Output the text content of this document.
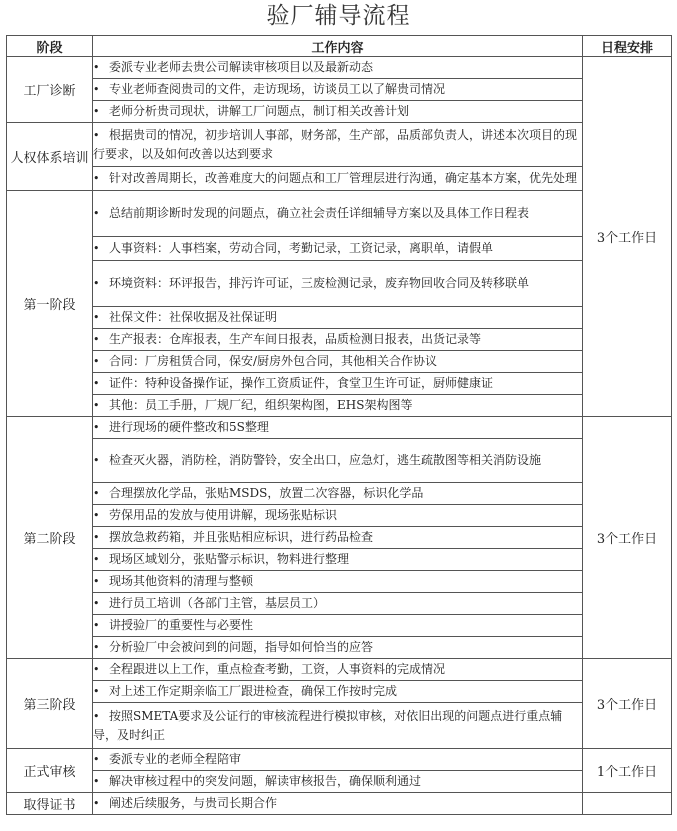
验厂辅导流程
阶段	工作内容	日程安排
工厂诊断	• 委派专业老师去贵公司解读审核项目以及最新动态	3个工作日
	• 专业老师查阅贵司的文件，走访现场，访谈员工以了解贵司情况	
	• 老师分析贵司现状，讲解工厂问题点，制订相关改善计划	
人权体系培训	• 根据贵司的情况，初步培训人事部，财务部，生产部，品质部负责人，讲述本次项目的现行要求，以及如何改善以达到要求	
	• 针对改善周期长，改善难度大的问题点和工厂管理层进行沟通，确定基本方案，优先处理	
第一阶段	• 总结前期诊断时发现的问题点，确立社会责任详细辅导方案以及具体工作日程表	
	• 人事资料：人事档案，劳动合同，考勤记录，工资记录，离职单，请假单	
	• 环境资料：环评报告，排污许可证，三废检测记录，废弃物回收合同及转移联单	
	• 社保文件：社保收据及社保证明	
	• 生产报表：仓库报表，生产车间日报表，品质检测日报表，出货记录等	
	• 合同：厂房租赁合同，保安/厨房外包合同，其他相关合作协议	
	• 证件：特种设备操作证，操作工资质证件，食堂卫生许可证，厨师健康证	
	• 其他：员工手册，厂规厂纪，组织架构图，EHS架构图等	
第二阶段	• 进行现场的硬件整改和5S整理	3个工作日
	• 检查灭火器，消防栓，消防警铃，安全出口，应急灯，逃生疏散图等相关消防设施	
	• 合理摆放化学品，张贴MSDS，放置二次容器，标识化学品	
	• 劳保用品的发放与使用讲解，现场张贴标识	
	• 摆放急救药箱，并且张贴相应标识，进行药品检查	
	• 现场区域划分，张贴警示标识，物料进行整理	
	• 现场其他资料的清理与整顿	
	• 进行员工培训（各部门主管，基层员工）	
	• 讲授验厂的重要性与必要性	
	• 分析验厂中会被问到的问题，指导如何恰当的应答	
第三阶段	• 全程跟进以上工作，重点检查考勤，工资，人事资料的完成情况	3个工作日
	• 对上述工作定期亲临工厂跟进检查，确保工作按时完成	
	• 按照SMETA要求及公证行的审核流程进行模拟审核，对依旧出现的问题点进行重点辅导，及时纠正	
正式审核	• 委派专业的老师全程陪审	1个工作日
	• 解决审核过程中的突发问题，解读审核报告，确保顺利通过	
取得证书	• 阐述后续服务，与贵司长期合作	
